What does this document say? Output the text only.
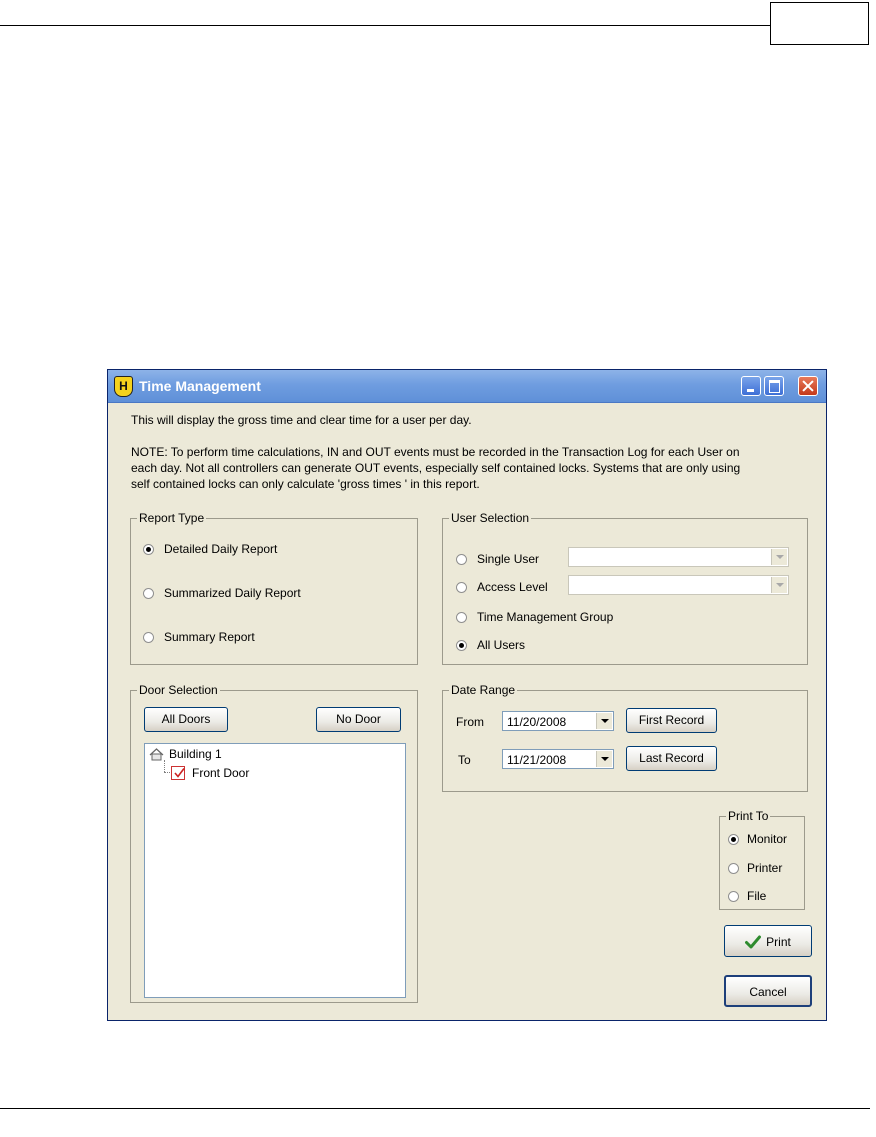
H Time Management
This will display the gross time and clear time for a user per day.
NOTE: To perform time calculations, IN and OUT events must be recorded in the Transaction Log for each User on
each day. Not all controllers can generate OUT events, especially self contained locks. Systems that are only using
self contained locks can only calculate 'gross times ' in this report.
Report Type
Detailed Daily Report
Summarized Daily Report
Summary Report
User Selection
Single User
Access Level
Time Management Group
All Users
Door Selection
All Doors	No Door
Building 1
Front Door
Date Range
From 11/20/2008	First Record
To	11/21/2008	Last Record
Print To
Monitor
Printer
File
Print
Cancel
